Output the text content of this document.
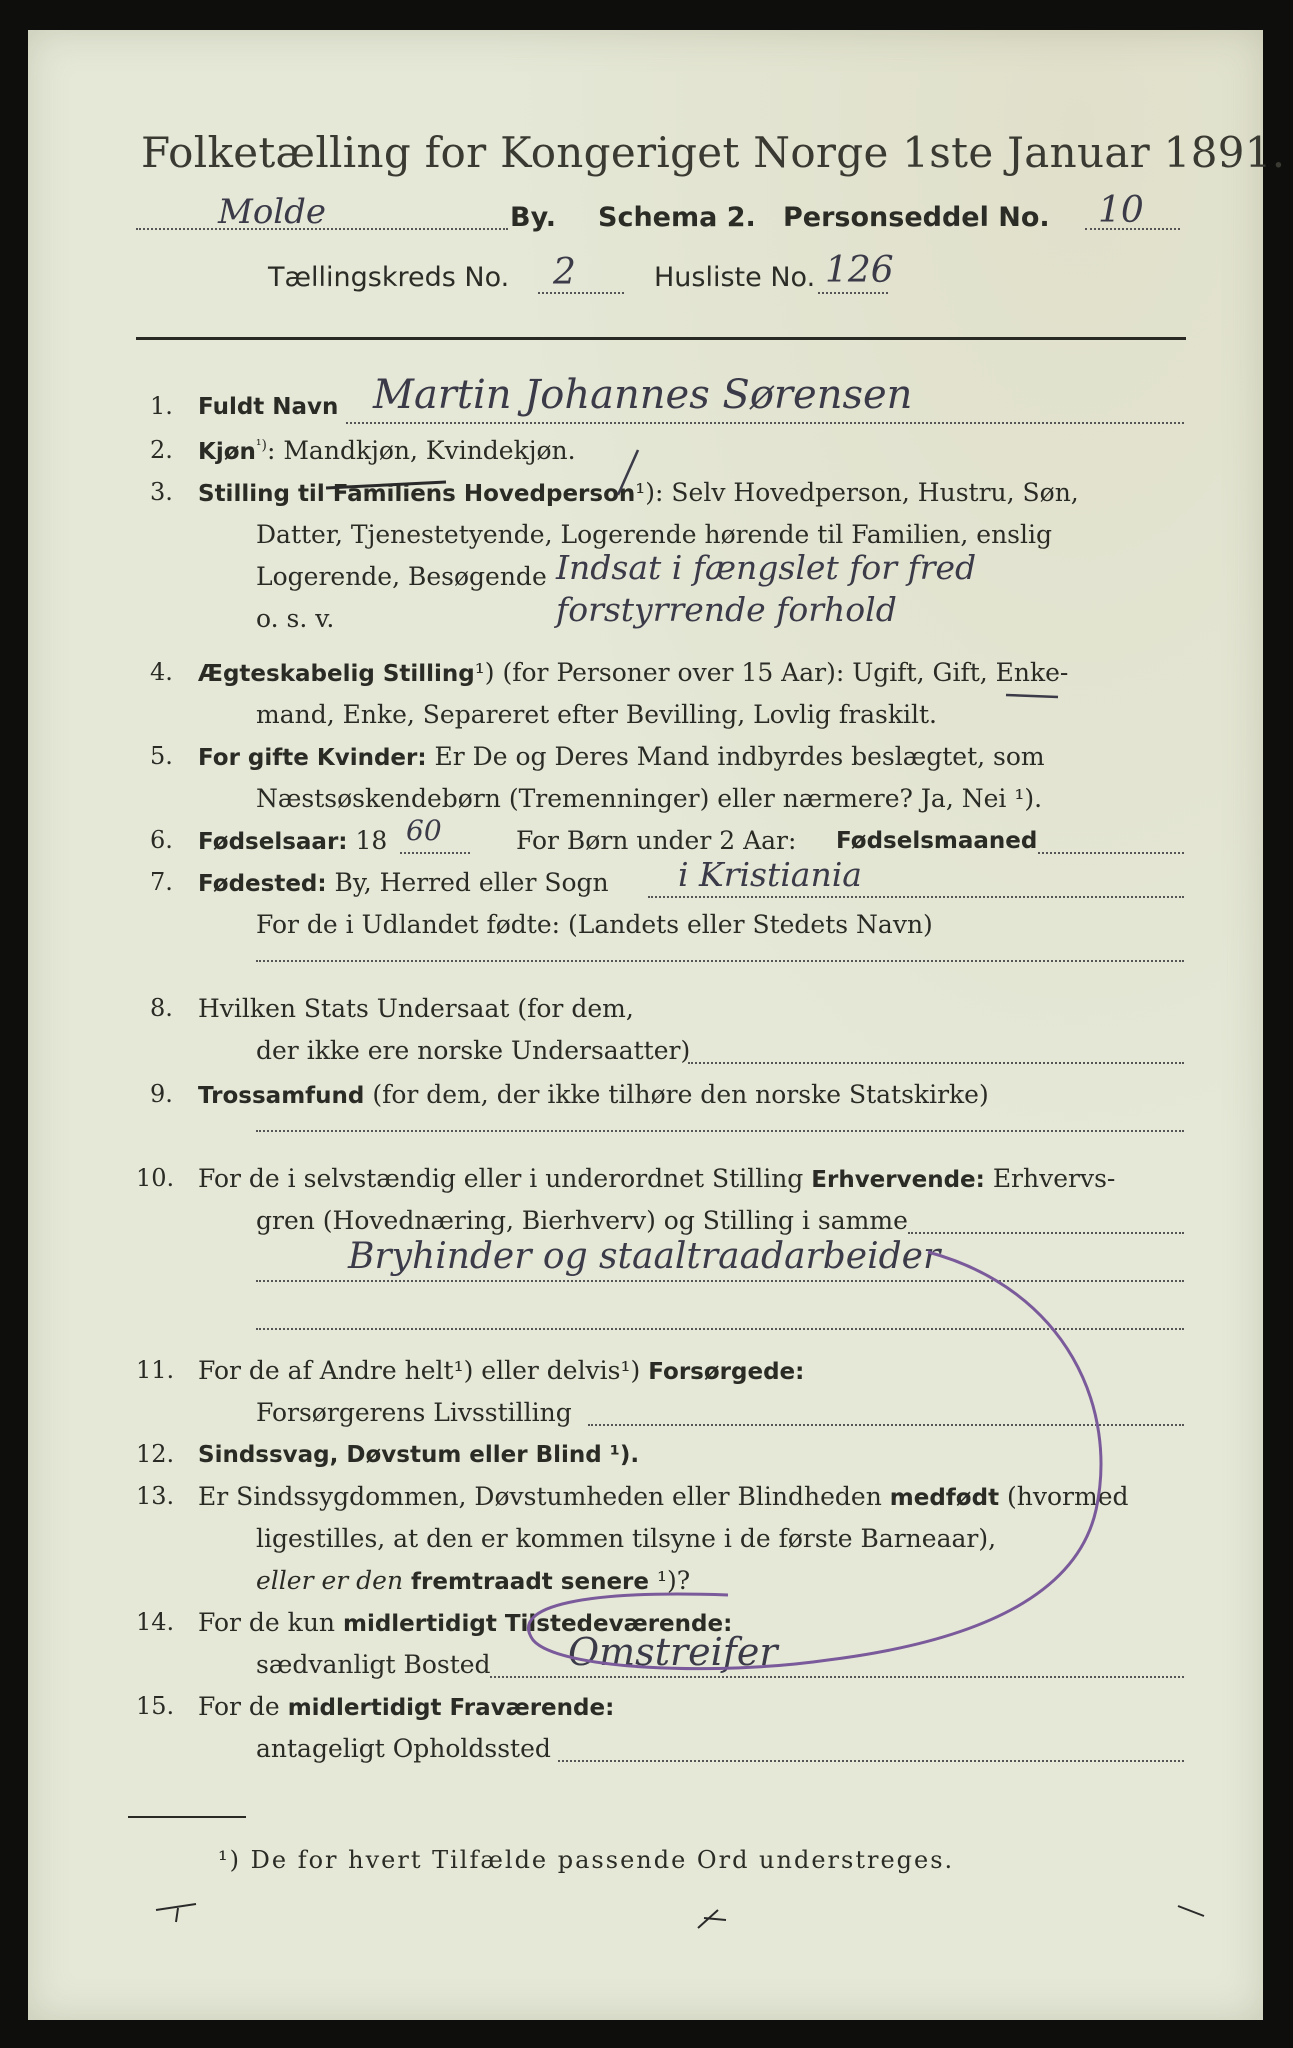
Folketælling for Kongeriget Norge 1ste Januar 1891.
Molde	By. Schema 2. Personseddel No. 10
Tællingskreds No. 2	Husliste No. 126
1. Fuldt Navn Martin Johannes Sørensen
2. Kjøn$^{^1)}$: Mandkjøn, Kvindekjøn.
3. Stilling til Familiens Hovedperson¹): Selv Hovedperson, Hustru, Søn,
Datter, Tjenestetyende, Logerende hørende til Familien, enslig
Logerende, Besøgende
o. s. v.
Indsat i fængslet for fred
forstyrrende forhold
4. Ægteskabelig Stilling¹) (for Personer over 15 Aar): Ugift, Gift, Enke-
mand, Enke, Separeret efter Bevilling, Lovlig fraskilt.
5. For gifte Kvinder: Er De og Deres Mand indbyrdes beslægtet, som
Næstsøskendebørn (Tremenninger) eller nærmere? Ja, Nei ¹).
6. Fødselsaar: 18 60	For Børn under 2 Aar: Fødselsmaaned
7. Fødested: By, Herred eller Sogn i Kristiania
For de i Udlandet fødte: (Landets eller Stedets Navn)
8. Hvilken Stats Undersaat (for dem,
der ikke ere norske Undersaatter)
9. Trossamfund (for dem, der ikke tilhøre den norske Statskirke)
10. For de i selvstændig eller i underordnet Stilling Erhvervende: Erhvervs-
gren (Hovednæring, Bierhverv) og Stilling i samme
Bryhinder og staaltraadarbeider
11. For de af Andre helt¹) eller delvis¹) Forsørgede:
Forsørgerens Livsstilling
12. Sindssvag, Døvstum eller Blind ¹).
13. Er Sindssygdommen, Døvstumheden eller Blindheden medfødt (hvormed
ligestilles, at den er kommen tilsyne i de første Barneaar),
eller er den fremtraadt senere ¹)?
14. For de kun midlertidigt Tilstedeværende:
sædvanligt Bosted Omstreifer
15. For de midlertidigt Fraværende:
antageligt Opholdssted
¹) De for hvert Tilfælde passende Ord understreges.
